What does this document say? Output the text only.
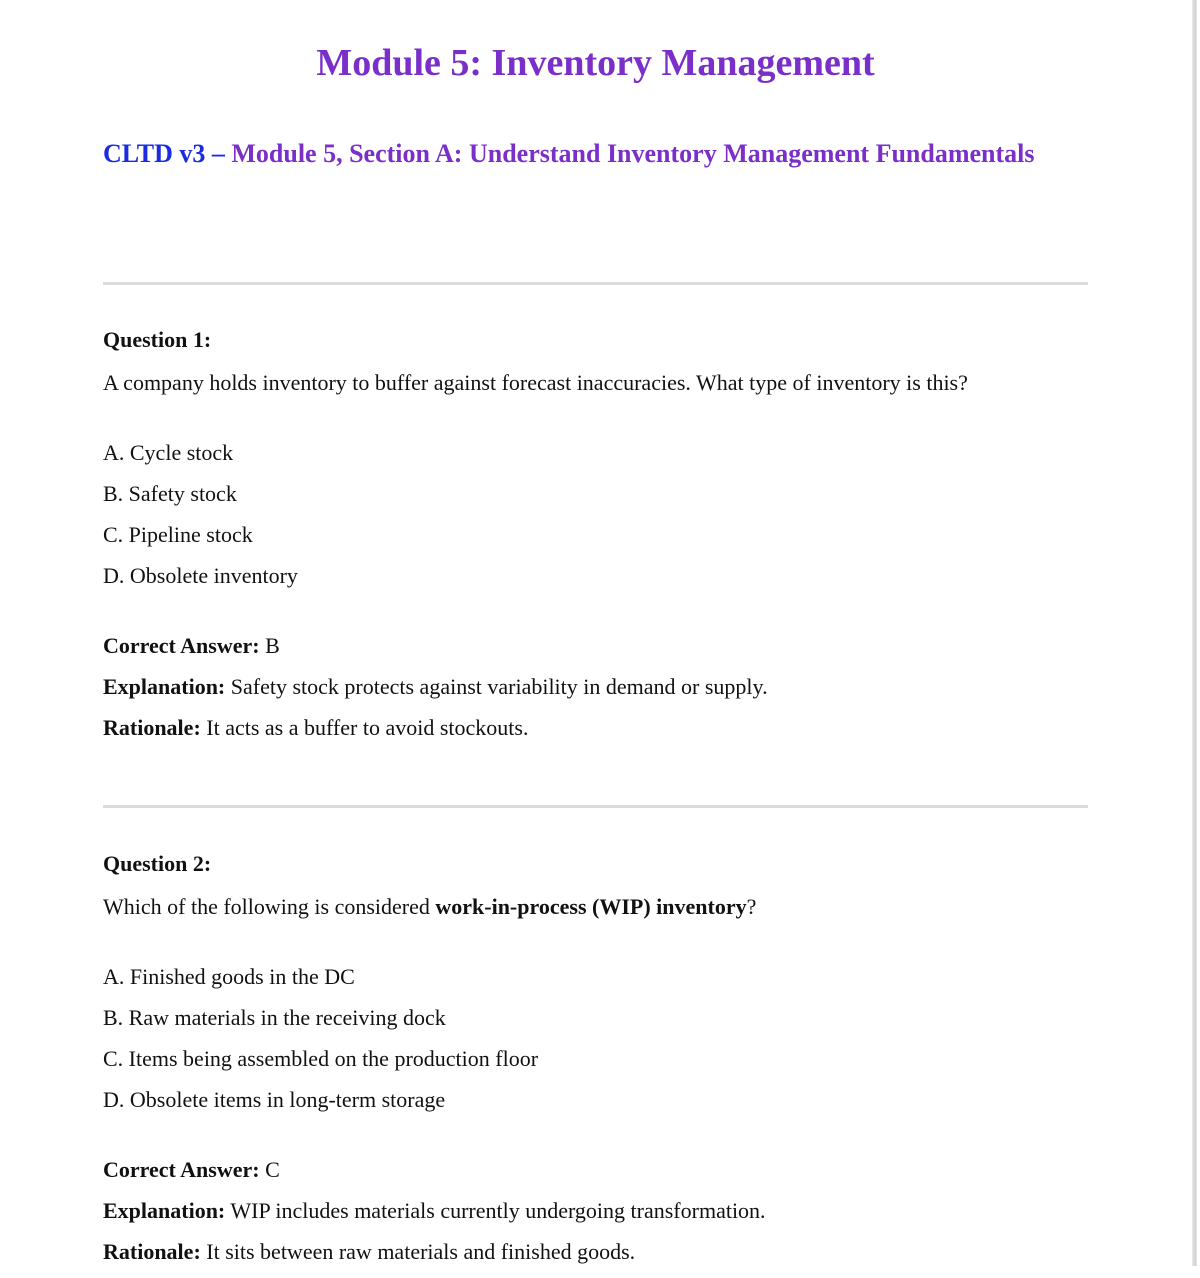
Module 5: Inventory Management

CLTD v3 – Module 5, Section A: Understand Inventory Management Fundamentals

Question 1:

A company holds inventory to buffer against forecast inaccuracies. What type of inventory is this?

A. Cycle stock
B. Safety stock
C. Pipeline stock
D. Obsolete inventory

Correct Answer: B

Explanation: Safety stock protects against variability in demand or supply.

Rationale: It acts as a buffer to avoid stockouts.

Question 2:

Which of the following is considered work-in-process (WIP) inventory?

A. Finished goods in the DC
B. Raw materials in the receiving dock
C. Items being assembled on the production floor
D. Obsolete items in long-term storage

Correct Answer: C

Explanation: WIP includes materials currently undergoing transformation.

Rationale: It sits between raw materials and finished goods.
